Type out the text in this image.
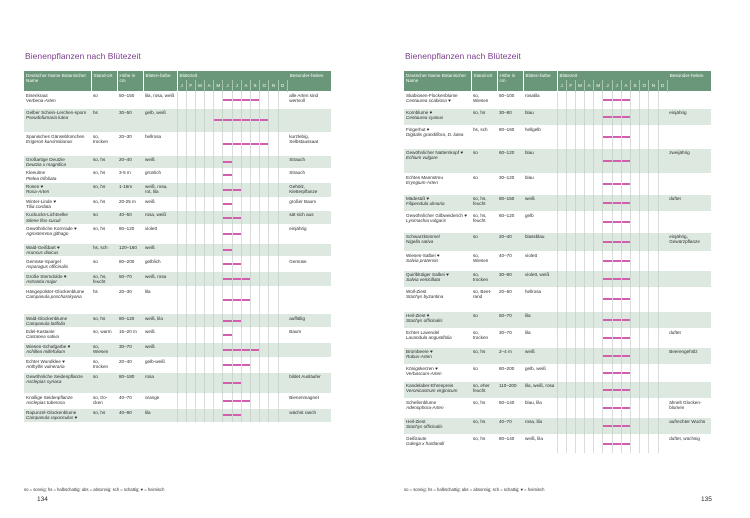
Bienenpflanzen nach Blütezeit
Deutscher Name Botanischer Name	Stand-ort	Höhe in cm	Blüten-farbe	Blütezeit												Besonder-heiten
				J	F	M	A	M	J	J	A	S	O	N	D	

Eisenkraut
Verbena-Arten	so	50–150	lila, rosa, weiß													alle Arten sind wertvoll

Gelber Schein-Lerchen-sporn
Pseudofumaria lutea	hs	30–50	gelb, weiß					

Spanisches Gänseblümchen
Erigeron karvinskianus	so, trocken	20–30	hellrosa													kurzlebig, Selbstaussaat

Großartige Deutzie
Deutzia x magnifica	so, hs	20–40	weiß													Strauch

Kleeulme
Ptelea trifoliata	so, hs	3-5 m	grünlich													Strauch

Rosen ♥
Rosa-Arten	so, hs	1-15m	weiß, rosa, rot, lila													Gehölz, Kletterpflanze

Winter-Linde ♥
Tilia cordata	so, hs	20-25 m	weiß													großer Baum

Kuckucks-Lichtnelke
Silene flos-cuculi	so	40–50	rosa, weiß													sät sich aus

Gewöhnliche Kornrade ♥
Agrostemma githago	so, hs	80–120	violett													einjährig

Wald-Geißbart ♥
Aruncus dioicus	hs, sch	120–160	weiß						

Gemüse-Spargel
Asparagus officinalis	so	80–200	gelblich													Gemüse

Große Sterndolde ♥
Astrantia major	so, hs, feucht	50–70	weiß, rosa						

Hängepolster-Glockenblume
Campanula poscharskyana	hs	20–30	lila						

Wald-Glockenblume
Campanula latifolia	so, hs	80–120	weiß, lila													auffällig

Edel-Kastanie
Castanea sativa	so, warm	15–20 m	weiß													Baum

Wiesen-Schafgarbe ♥
Achillea millefolium	so, Wiesen	30–70	weiß						

Echter Wundklee ♥
Anthyllis vulneraria	so, trocken	20–40	gelb-weiß						

Gewöhnliche Seidenpflanze
Asclepias syriaca	so	80–180	rosa													bildet Ausläufer

Knollige Seidenpflanze
Asclepias tuberosa	so, tro-cken	40–70	orange													Bienenmagnet

Rapunzel-Glockenblume
Campanula rapunculus ♥	so, hs	40–90	lila													wächst rasch
so = sonnig; hs = halbschattig; abs = absonnig; sch = schattig; ♥ = heimisch
134
Bienenpflanzen nach Blütezeit
Deutscher Name Botanischer Name	Stand-ort	Höhe in cm	Blüten-farbe	Blütezeit												Besonder-heiten
				J	F	M	A	M	J	J	A	S	O	N	D	

Skabiosen-Flockenblume
Centaurea scabiosa ♥	so, Wiesen	50–100	rosalila						

Kornblume ♥
Centaurea cyanus	so, hs	30–80	blau													einjährig

Fingerhut ♥
Digitalis grandiflora, D. lutea	hs, sch	80–160	hellgelb						

Gewöhnlicher Natternkopf ♥
Echium vulgare	so	60–120	blau													zweijährig

Echtes Mannstreu
Eryngium-Arten	so	30–120	blau						

Mädesüß ♥
Filipendula ulmaria	so, hs, feucht	80–150	weiß													duftet

Gewöhnlicher Gilbweiderich ♥
Lysimachia vulgaris	so, hs, feucht	60–120	gelb						

Schwarzkümmel
Nigella sativa	so	20–40	blassblau													einjährig, Gewürzpflanze

Wiesen-Salbei ♥
Salvia pratensis	so, Wiesen	40–70	violett						

Quirlblütiger Salbei ♥
Salvia verticillata	so, trocken	30–80	violett, weiß						

Woll-Ziest
Stachys byzantina	so, Beet-rand	20–50	hellrosa						

Heil-Ziest ♥
Stachys officinalis	so	50–70	lila						

Echter Lavendel
Lavandula angustifolia	so, trocken	30–70	lila													duftet

Brombeere ♥
Rubus-Arten	so, hs	2–4 m	weiß													Beerengehölz

Königskerzen ♥
Verbascum-Arten	so	80–200	gelb, weiß						

Kandelaber-Ehrenpreis
Veronicastrum virginicum	so, eher feucht	110–200	lila, weiß, rosa						

Schellenblume
Adenophora-Arten	so, hs	50–140	blau, lila													ähnelt Glocken-blumen

Heil-Ziest
Stachys officinalis	so, hs	40–70	rosa, lila													aufrechter Wuchs

Geißraute
Galega x hartlandii	so, hs	80–140	weiß, lila													duftet, wüchsig
so = sonnig; hs = halbschattig; abs = absonnig; sch = schattig; ♥ = heimisch
135
